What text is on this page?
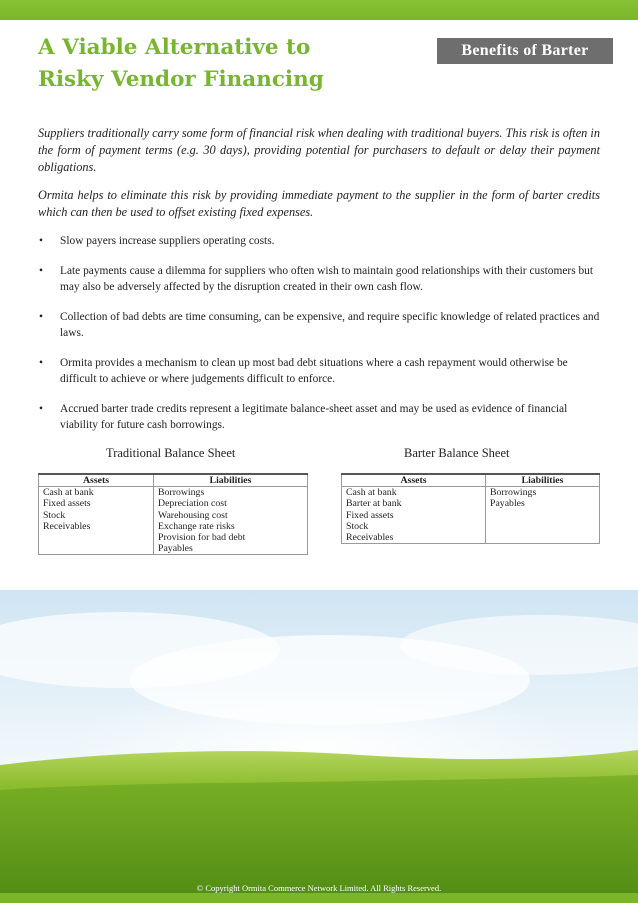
A Viable Alternative to
Risky Vendor Financing
Benefits of Barter

Suppliers traditionally carry some form of financial risk when dealing with traditional buyers. This risk is often in the form of payment terms (e.g. 30 days), providing potential for purchasers to default or delay their payment obligations.

Ormita helps to eliminate this risk by providing immediate payment to the supplier in the form of barter credits which can then be used to offset existing fixed expenses.

• Slow payers increase suppliers operating costs.
• Late payments cause a dilemma for suppliers who often wish to maintain good relationships with their customers but may also be adversely affected by the disruption created in their own cash flow.
• Collection of bad debts are time consuming, can be expensive, and require specific knowledge of related practices and laws.
• Ormita provides a mechanism to clean up most bad debt situations where a cash repayment would otherwise be difficult to achieve or where judgements difficult to enforce.
• Accrued barter trade credits represent a legitimate balance-sheet asset and may be used as evidence of financial viability for future cash borrowings.
Traditional Balance Sheet
Assets	Liabilities
Cash at bank	Borrowings
Fixed assets	Depreciation cost
Stock	Warehousing cost
Receivables	Exchange rate risks
	Provision for bad debt
	Payables
Barter Balance Sheet
Assets	Liabilities
Cash at bank	Borrowings
Barter at bank	Payables
Fixed assets	
Stock	
Receivables	
© Copyright Ormita Commerce Network Limited. All Rights Reserved.
